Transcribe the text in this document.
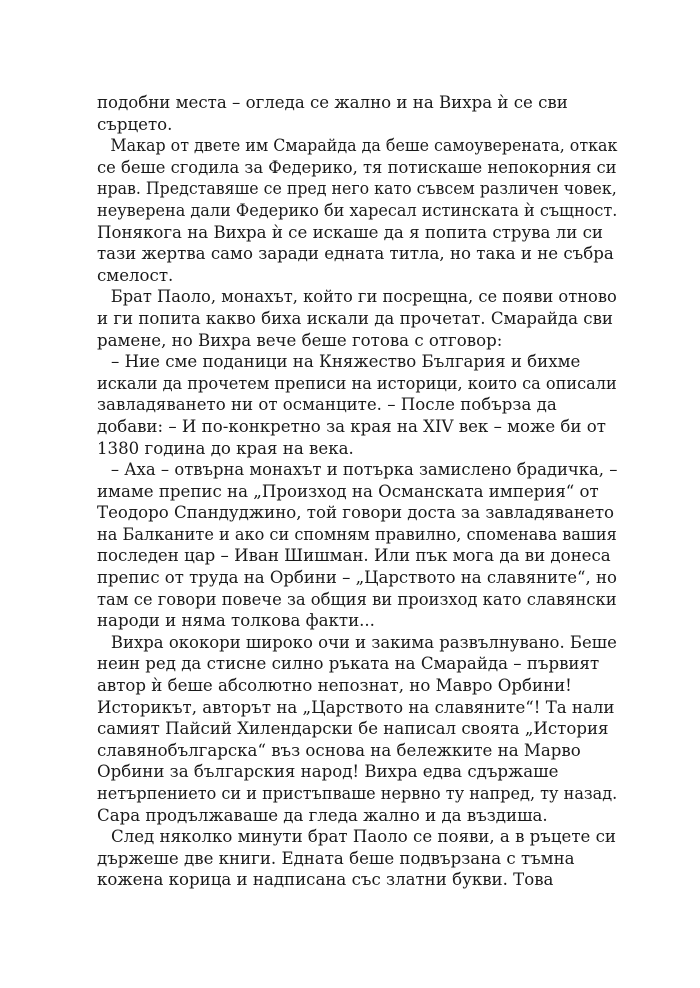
подобни места – огледа се жално и на Вихра ѝ се сви
сърцето.
Макар от двете им Смарайда да беше самоуверената, откак
се беше сгодила за Федерико, тя потискаше непокорния си
нрав. Представяше се пред него като съвсем различен човек,
неуверена дали Федерико би харесал истинската ѝ същност.
Понякога на Вихра ѝ се искаше да я попита струва ли си
тази жертва само заради едната титла, но така и не събра
смелост.
Брат Паоло, монахът, който ги посрещна, се появи отново
и ги попита какво биха искали да прочетат. Смарайда сви
рамене, но Вихра вече беше готова с отговор:
– Ние сме поданици на Княжество България и бихме
искали да прочетем преписи на историци, които са описали
завладяването ни от османците. – После побърза да
добави: – И по-конкретно за края на XIV век – може би от
1380 година до края на века.
– Аха – отвърна монахът и потърка замислено брадичка, –
имаме препис на „Произход на Османската империя“ от
Теодоро Спандуджино, той говори доста за завладяването
на Балканите и ако си спомням правилно, споменава вашия
последен цар – Иван Шишман. Или пък мога да ви донеса
препис от труда на Орбини – „Царството на славяните“, но
там се говори повече за общия ви произход като славянски
народи и няма толкова факти...
Вихра ококори широко очи и закима развълнувано. Беше
неин ред да стисне силно ръката на Смарайда – първият
автор ѝ беше абсолютно непознат, но Мавро Орбини!
Историкът, авторът на „Царството на славяните“! Та нали
самият Пайсий Хилендарски бе написал своята „История
славянобългарска“ въз основа на бележките на Марво
Орбини за българския народ! Вихра едва сдържаше
нетърпението си и пристъпваше нервно ту напред, ту назад.
Сара продължаваше да гледа жално и да въздиша.
След няколко минути брат Паоло се появи, а в ръцете си
държеше две книги. Едната беше подвързана с тъмна
кожена корица и надписана със златни букви. Това
